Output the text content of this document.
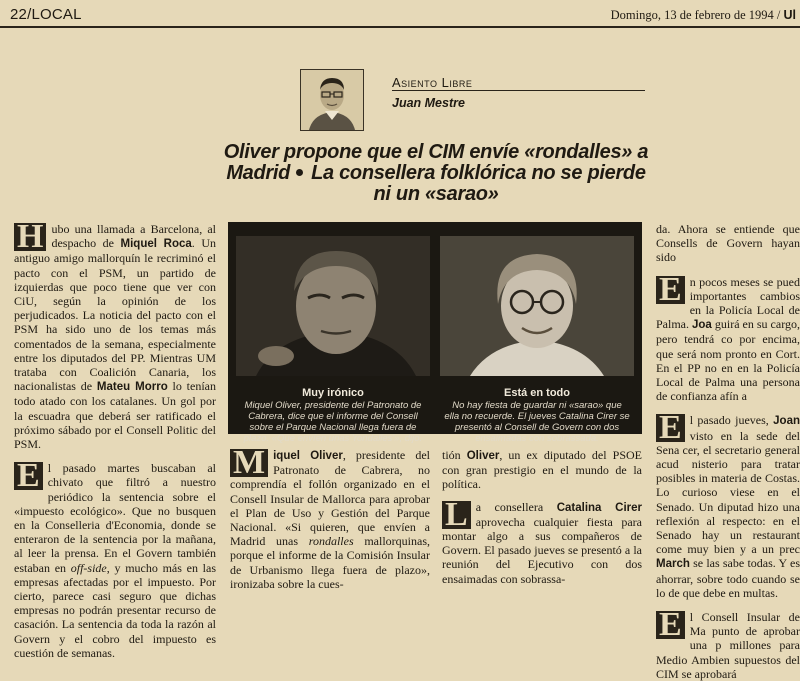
22/LOCAL	Domingo, 13 de febrero de 1994 / Ul
Asiento Libre
Juan Mestre
Oliver propone que el CIM envíe «rondalles» a Madrid La consellera folklórica no se pierde ni un «sarao»

H ubo una llamada a Barcelona, al despacho de Miquel Roca. Un antiguo amigo mallorquín le recriminó el pacto con el PSM, un partido de izquierdas que poco tiene que ver con CiU, según la opinión de los perjudicados. La noticia del pacto con el PSM ha sido uno de los temas más comentados de la semana, especialmente entre los diputados del PP. Mientras UM trataba con Coalición Canaria, los nacionalistas de Mateu Morro lo tenían todo atado con los catalanes. Un gol por la escuadra que deberá ser ratificado el próximo sábado por el Consell Politic del PSM.

E l pasado martes buscaban al chivato que filtró a nuestro periódico la sentencia sobre el «impuesto ecológico». Que no busquen en la Conselleria d'Economia, donde se enteraron de la sentencia por la mañana, al leer la prensa. En el Govern también estaban en off-side, y mucho más en las empresas afectadas por el impuesto. Por cierto, parece casi seguro que dichas empresas no podrán presentar recurso de casación. La sentencia da toda la razón al Govern y el cobro del impuesto es cuestión de semanas.

Muy irónico
Miquel Oliver, presidente del Patronato de Cabrera, dice que el informe del Consell sobre el Parque Nacional llega fuera de plazo. «Que envíen unas 'rondalles'», dijo.
Está en todo
No hay fiesta de guardar ni «sarao» que ella no recuerde. El jueves Catalina Cirer se presentó al Consell de Govern con dos ensaimadas con sobrassada.

M iquel Oliver, presidente del Patronato de Cabrera, no comprendía el follón organizado en el Consell Insular de Mallorca para aprobar el Plan de Uso y Gestión del Parque Nacional. «Si quieren, que envíen a Madrid unas rondalles mallorquinas, porque el informe de la Comisión Insular de Urbanismo llega fuera de plazo», ironizaba sobre la cues-

tión Oliver, un ex diputado del PSOE con gran prestigio en el mundo de la política.

L a consellera Catalina Cirer aprovecha cualquier fiesta para montar algo a sus compañeros de Govern. El pasado jueves se presentó a la reunión del Ejecutivo con dos ensaimadas con sobrassa-

da. Ahora se entiende que Consells de Govern hayan sido

E n pocos meses se pued importantes cambios en la Policía Local de Palma. Joa guirá en su cargo, pero tendrá co por encima, que será nom pronto en Cort. En el PP no en en la Policía Local de Palma una persona de confianza afín a

E l pasado jueves, Joan visto en la sede del Sena cer, el secretario general acud nisterio para tratar posibles in materia de Costas. Lo curioso viese en el Senado. Un diputad hizo una reflexión al respecto: en el Senado hay un restaurant come muy bien y a un prec March se las sabe todas. Y es ahorrar, sobre todo cuando se lo de que debe en multas.

E l Consell Insular de Ma punto de aprobar una p millones para Medio Ambien supuestos del CIM se aprobará
